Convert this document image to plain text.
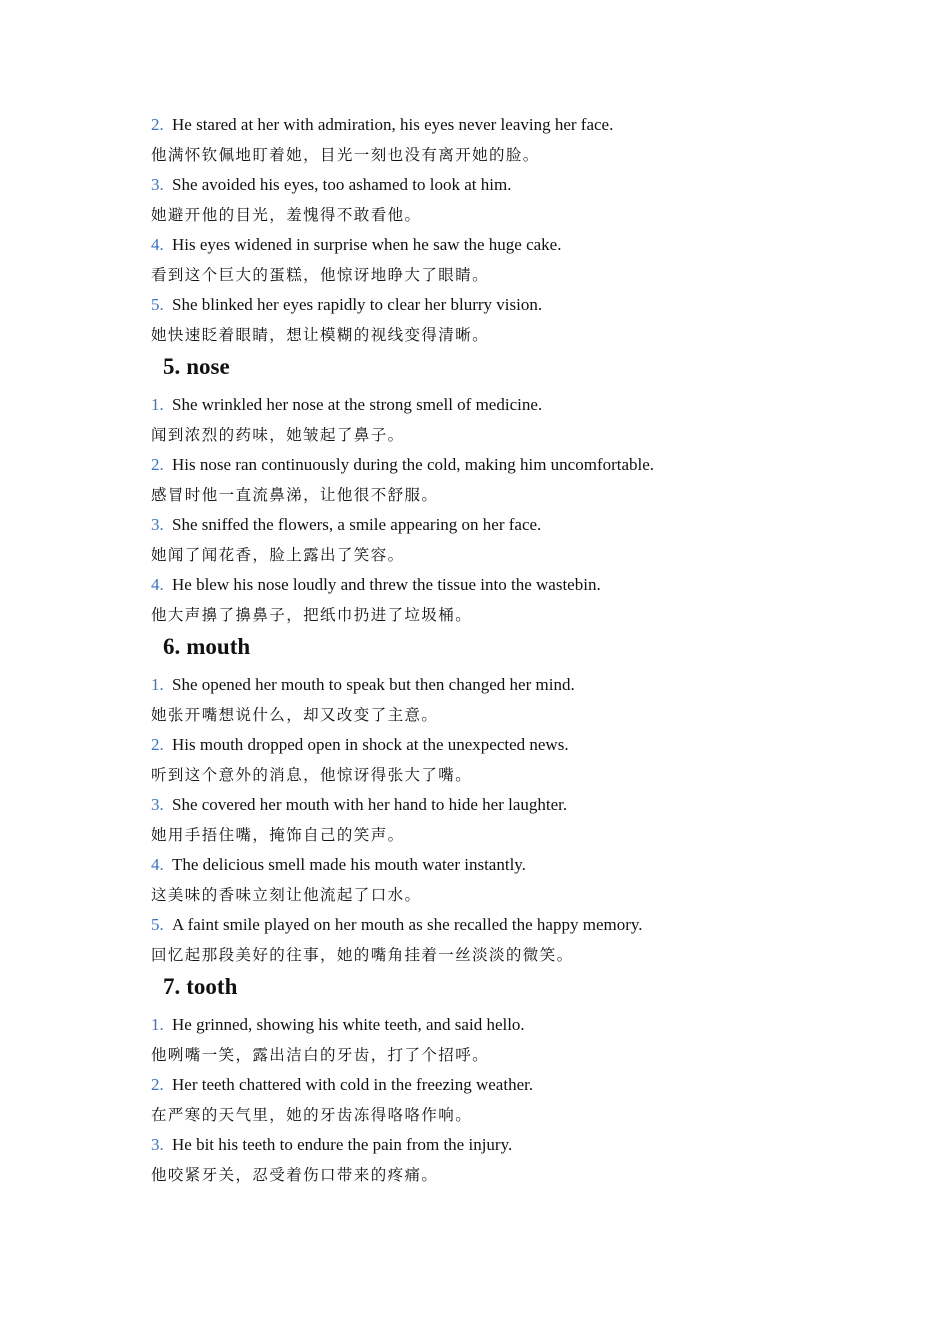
2. He stared at her with admiration, his eyes never leaving her face.
他满怀钦佩地盯着她，目光一刻也没有离开她的脸。
3. She avoided his eyes, too ashamed to look at him.
她避开他的目光，羞愧得不敢看他。
4. His eyes widened in surprise when he saw the huge cake.
看到这个巨大的蛋糕，他惊讶地睁大了眼睛。
5. She blinked her eyes rapidly to clear her blurry vision.
她快速眨着眼睛，想让模糊的视线变得清晰。
5. nose
1. She wrinkled her nose at the strong smell of medicine.
闻到浓烈的药味，她皱起了鼻子。
2. His nose ran continuously during the cold, making him uncomfortable.
感冒时他一直流鼻涕，让他很不舒服。
3. She sniffed the flowers, a smile appearing on her face.
她闻了闻花香，脸上露出了笑容。
4. He blew his nose loudly and threw the tissue into the wastebin.
他大声擤了擤鼻子，把纸巾扔进了垃圾桶。
6. mouth
1. She opened her mouth to speak but then changed her mind.
她张开嘴想说什么，却又改变了主意。
2. His mouth dropped open in shock at the unexpected news.
听到这个意外的消息，他惊讶得张大了嘴。
3. She covered her mouth with her hand to hide her laughter.
她用手捂住嘴，掩饰自己的笑声。
4. The delicious smell made his mouth water instantly.
这美味的香味立刻让他流起了口水。
5. A faint smile played on her mouth as she recalled the happy memory.
回忆起那段美好的往事，她的嘴角挂着一丝淡淡的微笑。
7. tooth
1. He grinned, showing his white teeth, and said hello.
他咧嘴一笑，露出洁白的牙齿，打了个招呼。
2. Her teeth chattered with cold in the freezing weather.
在严寒的天气里，她的牙齿冻得咯咯作响。
3. He bit his teeth to endure the pain from the injury.
他咬紧牙关，忍受着伤口带来的疼痛。
